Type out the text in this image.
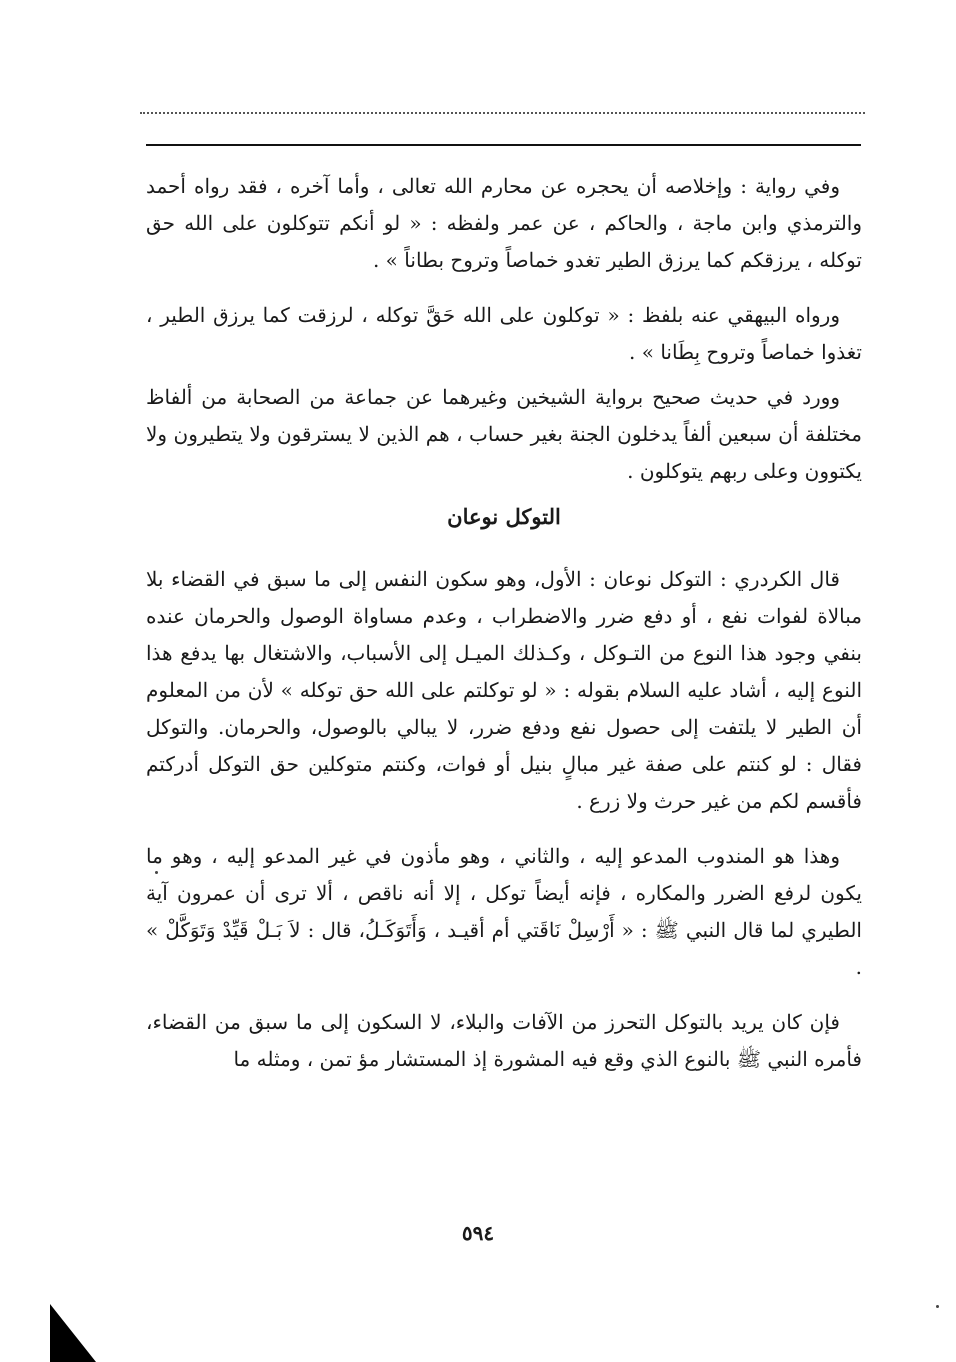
وفي رواية : وإخلاصه أن يحجره عن محارم الله تعالى ، وأما آخره ، فقد رواه أحمد والترمذي وابن ماجة ، والحاكم ، عن عمر ولفظه : « لو أنكم تتوكلون على الله حق توكله ، يرزقكم كما يرزق الطير تغدو خماصاً وتروح بطاناً » .

ورواه البيهقي عنه بلفظ : « توكلون على الله حَقَّ توكله ، لرزقت كما يرزق الطير ، تغذوا خماصاً وتروح بِطَانا » .

وورد في حديث صحيح برواية الشيخين وغيرهما عن جماعة من الصحابة من ألفاظ مختلفة أن سبعين ألفاً يدخلون الجنة بغير حساب ، هم الذين لا يسترقون ولا يتطيرون ولا يكتوون وعلى ربهم يتوكلون .

التوكل نوعان

قال الكردري : التوكل نوعان : الأول، وهو سكون النفس إلى ما سبق في القضاء بلا مبالاة لفوات نفع ، أو دفع ضرر والاضطراب ، وعدم مساواة الوصول والحرمان عنده بنفي وجود هذا النوع من التـوكل ، وكـذلك الميـل إلى الأسباب، والاشتغال بها يدفع هذا النوع إليه ، أشاد عليه السلام بقوله : « لو توكلتم على الله حق توكله » لأن من المعلوم أن الطير لا يلتفت إلى حصول نفع ودفع ضرر، لا يبالي بالوصول، والحرمان. والتوكل فقال : لو كنتم على صفة غير مبالٍ بنيل أو فوات، وكنتم متوكلين حق التوكل أدركتم فأقسم لكم من غير حرث ولا زرع .

وهذا هو المندوب المدعو إليه ، والثاني ، وهو مأذون في غير المدعو إليه ، وهو ما يكون لرفع الضرر والمكاره ، فإنه أيضاً توكل ، إلا أنه ناقص ، ألا ترى أن عمرون آية الطيري لما قال النبي ﷺ : « أَرْسِلْ نَاقَتي أم أقيـد ، وَأَتَوَكَـلُ، قال : لاَ بَـلْ قَيِّدْ وَتَوَكَّلْ » .

فإن كان يريد بالتوكل التحرز من الآفات والبلاء، لا السكون إلى ما سبق من القضاء، فأمره النبي ﷺ بالنوع الذي وقع فيه المشورة إذ المستشار مؤ تمن ، ومثله ما

٥٩٤
